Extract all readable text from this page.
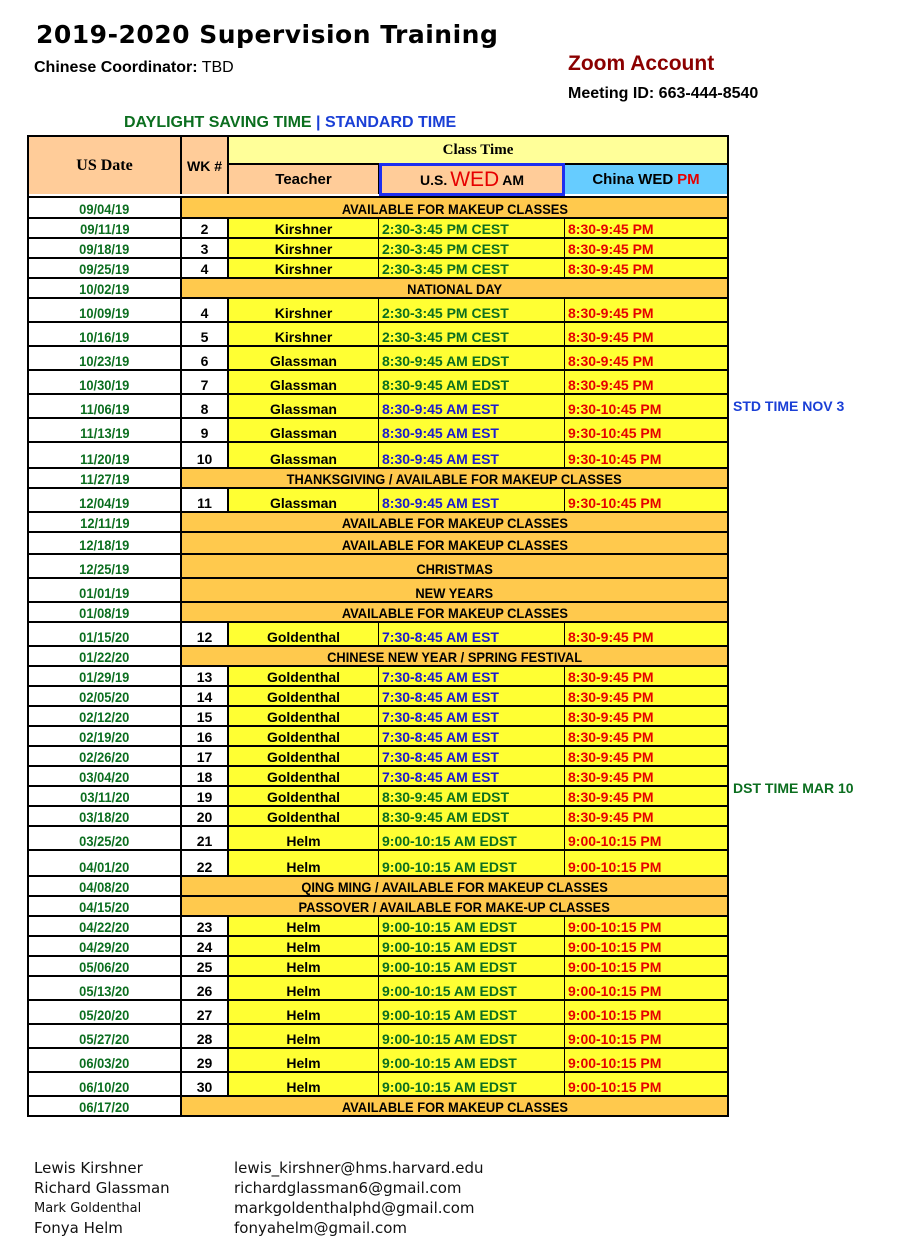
2019-2020 Supervision Training
Chinese Coordinator: TBD	Zoom Account
Meeting ID: 663-444-8540
DAYLIGHT SAVING TIME | STANDARD TIME
US Date	WK #
Class Time
Teacher	U.S. WED AM	China WED PM
09/04/19	AVAILABLE FOR MAKEUP CLASSES
09/11/19	2	Kirshner	2:30-3:45 PM CEST	8:30-9:45 PM
09/18/19	3	Kirshner	2:30-3:45 PM CEST	8:30-9:45 PM
09/25/19	4	Kirshner	2:30-3:45 PM CEST	8:30-9:45 PM
10/02/19	NATIONAL DAY
10/09/19	4	Kirshner	2:30-3:45 PM CEST	8:30-9:45 PM
10/16/19	5	Kirshner	2:30-3:45 PM CEST	8:30-9:45 PM
10/23/19	6	Glassman	8:30-9:45 AM EDST	8:30-9:45 PM
10/30/19	7	Glassman	8:30-9:45 AM EDST	8:30-9:45 PM
11/06/19	8	Glassman	8:30-9:45 AM EST	9:30-10:45 PM
11/13/19	9	Glassman	8:30-9:45 AM EST	9:30-10:45 PM
11/20/19	10	Glassman	8:30-9:45 AM EST	9:30-10:45 PM
11/27/19	THANKSGIVING / AVAILABLE FOR MAKEUP CLASSES
12/04/19	11	Glassman	8:30-9:45 AM EST	9:30-10:45 PM
12/11/19	AVAILABLE FOR MAKEUP CLASSES
12/18/19	AVAILABLE FOR MAKEUP CLASSES
12/25/19	CHRISTMAS
01/01/19	NEW YEARS
01/08/19	AVAILABLE FOR MAKEUP CLASSES
01/15/20	12	Goldenthal	7:30-8:45 AM EST	8:30-9:45 PM
01/22/20	CHINESE NEW YEAR / SPRING FESTIVAL
01/29/19	13	Goldenthal	7:30-8:45 AM EST	8:30-9:45 PM
02/05/20	14	Goldenthal	7:30-8:45 AM EST	8:30-9:45 PM
02/12/20	15	Goldenthal	7:30-8:45 AM EST	8:30-9:45 PM
02/19/20	16	Goldenthal	7:30-8:45 AM EST	8:30-9:45 PM
02/26/20	17	Goldenthal	7:30-8:45 AM EST	8:30-9:45 PM
03/04/20	18	Goldenthal	7:30-8:45 AM EST	8:30-9:45 PM
03/11/20	19	Goldenthal	8:30-9:45 AM EDST	8:30-9:45 PM
03/18/20	20	Goldenthal	8:30-9:45 AM EDST	8:30-9:45 PM
03/25/20	21	Helm	9:00-10:15 AM EDST	9:00-10:15 PM
04/01/20	22	Helm	9:00-10:15 AM EDST	9:00-10:15 PM
04/08/20	QING MING / AVAILABLE FOR MAKEUP CLASSES
04/15/20	PASSOVER / AVAILABLE FOR MAKE-UP CLASSES
04/22/20	23	Helm	9:00-10:15 AM EDST	9:00-10:15 PM
04/29/20	24	Helm	9:00-10:15 AM EDST	9:00-10:15 PM
05/06/20	25	Helm	9:00-10:15 AM EDST	9:00-10:15 PM
05/13/20	26	Helm	9:00-10:15 AM EDST	9:00-10:15 PM
05/20/20	27	Helm	9:00-10:15 AM EDST	9:00-10:15 PM
05/27/20	28	Helm	9:00-10:15 AM EDST	9:00-10:15 PM
06/03/20	29	Helm	9:00-10:15 AM EDST	9:00-10:15 PM
06/10/20	30	Helm	9:00-10:15 AM EDST	9:00-10:15 PM
06/17/20	AVAILABLE FOR MAKEUP CLASSES
STD TIME NOV 3
DST TIME MAR 10
Lewis Kirshner	lewis_kirshner@hms.harvard.edu
Richard Glassman	richardglassman6@gmail.com
Mark Goldenthal	markgoldenthalphd@gmail.com
Fonya Helm	fonyahelm@gmail.com
